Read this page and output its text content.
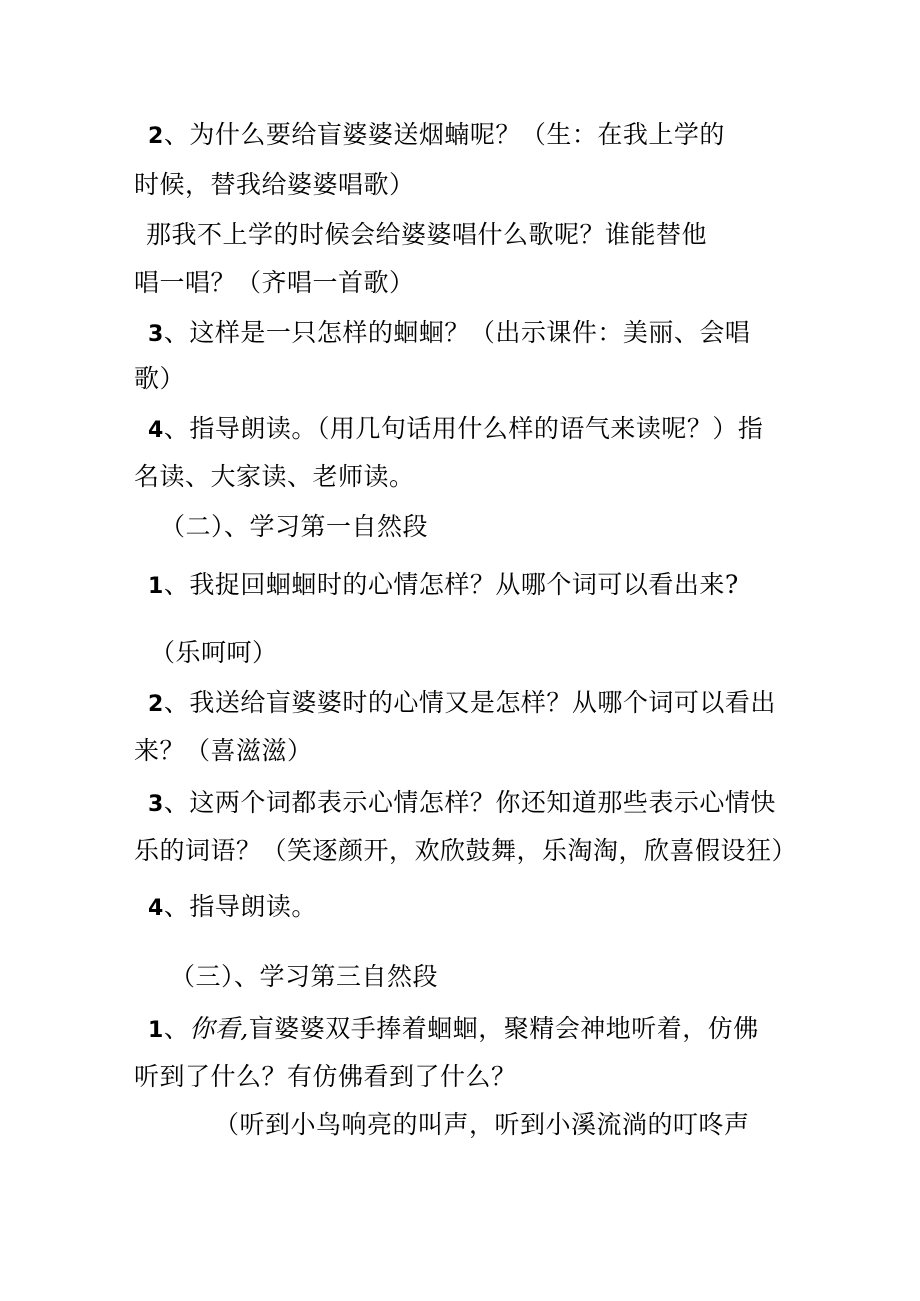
2、为什么要给盲婆婆送烟蝻呢？（生：在我上学的
时候，替我给婆婆唱歌）
那我不上学的时候会给婆婆唱什么歌呢？谁能替他
唱一唱？（齐唱一首歌）
3、这样是一只怎样的蛔蛔？（出示课件：美丽、会唱
歌）
4、指导朗读。（用几句话用什么样的语气来读呢？）指
名读、大家读、老师读。
（二）、学习第一自然段
1、我捉回蛔蛔时的心情怎样？从哪个词可以看出来?
（乐呵呵）
2、我送给盲婆婆时的心情又是怎样？从哪个词可以看出
来？（喜滋滋）
3、这两个词都表示心情怎样？你还知道那些表示心情快
乐的词语？（笑逐颜开，欢欣鼓舞，乐淘淘，欣喜假设狂）
4、指导朗读。
（三）、学习第三自然段
1、你看,盲婆婆双手捧着蛔蛔，聚精会神地听着，仿佛
听到了什么？有仿佛看到了什么？
（听到小鸟响亮的叫声，听到小溪流淌的叮咚声
